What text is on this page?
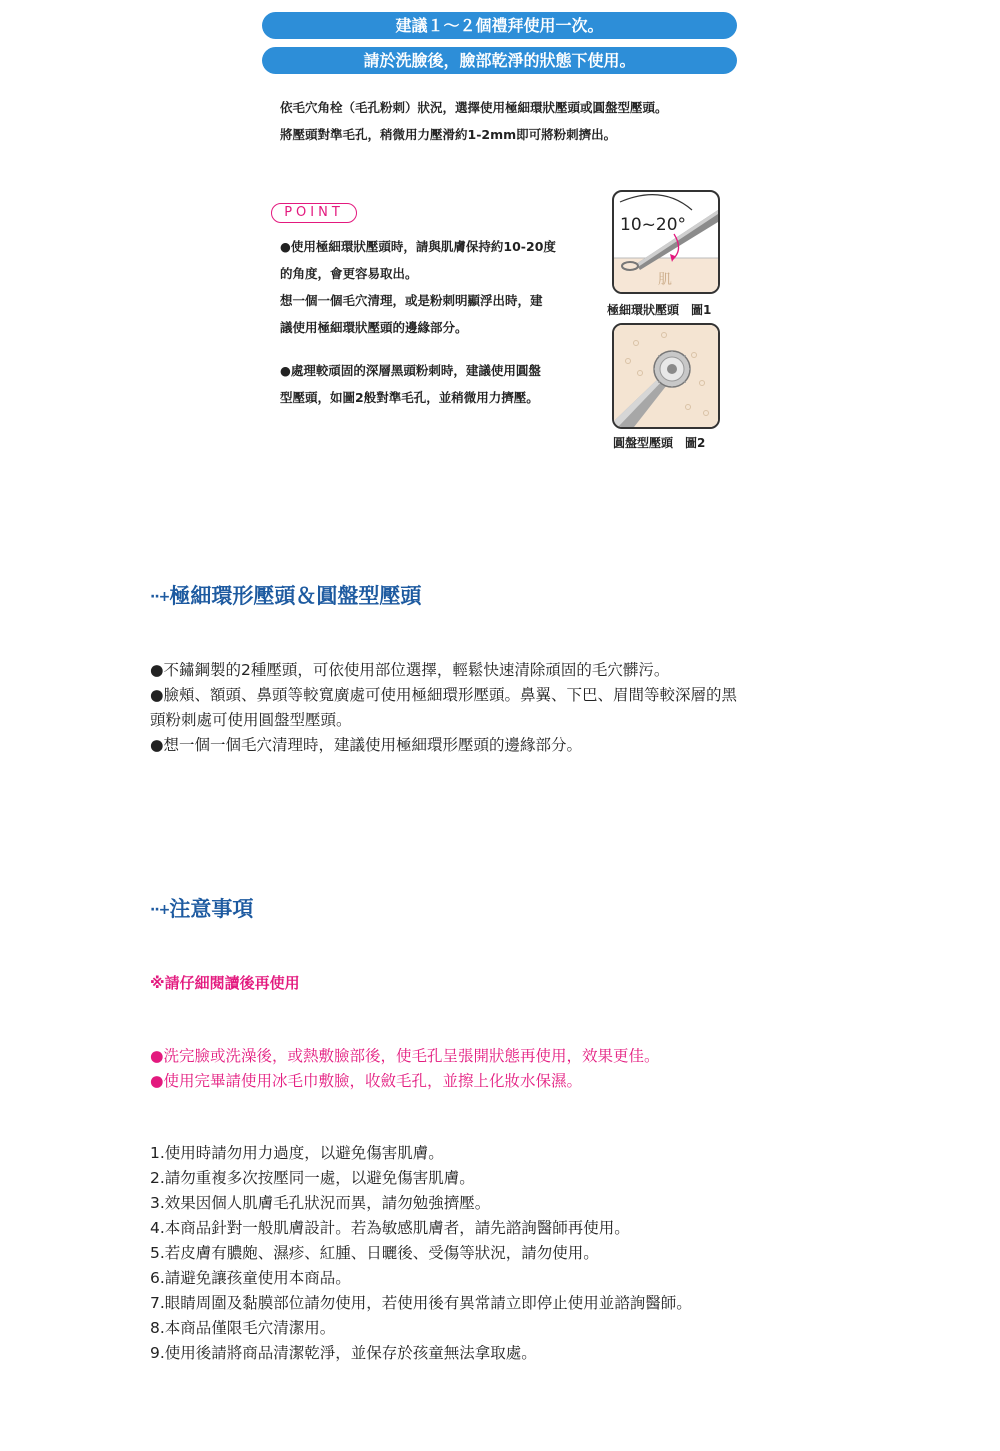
建議１～２個禮拜使用一次。
請於洗臉後，臉部乾淨的狀態下使用。
依毛穴角栓（毛孔粉刺）狀況，選擇使用極細環狀壓頭或圓盤型壓頭。
將壓頭對準毛孔，稍微用力壓滑約1-2mm即可將粉刺擠出。
POINT
●使用極細環狀壓頭時，請與肌膚保持約10-20度
的角度，會更容易取出。
想一個一個毛穴清理，或是粉刺明顯浮出時，建
議使用極細環狀壓頭的邊緣部分。
●處理較頑固的深層黑頭粉刺時，建議使用圓盤
型壓頭，如圖2般對準毛孔，並稍微用力擠壓。
10~20°
肌
極細環狀壓頭　圖1
圓盤型壓頭　圖2
··+極細環形壓頭＆圓盤型壓頭
●不鏽鋼製的2種壓頭，可依使用部位選擇，輕鬆快速清除頑固的毛穴髒污。
●臉頰、額頭、鼻頭等較寬廣處可使用極細環形壓頭。鼻翼、下巴、眉間等較深層的黑
頭粉刺處可使用圓盤型壓頭。
●想一個一個毛穴清理時，建議使用極細環形壓頭的邊緣部分。
··+注意事項
※請仔細閱讀後再使用
●洗完臉或洗澡後，或熱敷臉部後，使毛孔呈張開狀態再使用，效果更佳。
●使用完畢請使用冰毛巾敷臉，收斂毛孔，並擦上化妝水保濕。
1.使用時請勿用力過度，以避免傷害肌膚。
2.請勿重複多次按壓同一處，以避免傷害肌膚。
3.效果因個人肌膚毛孔狀況而異，請勿勉強擠壓。
4.本商品針對一般肌膚設計。若為敏感肌膚者，請先諮詢醫師再使用。
5.若皮膚有膿皰、濕疹、紅腫、日曬後、受傷等狀況，請勿使用。
6.請避免讓孩童使用本商品。
7.眼睛周圍及黏膜部位請勿使用，若使用後有異常請立即停止使用並諮詢醫師。
8.本商品僅限毛穴清潔用。
9.使用後請將商品清潔乾淨，並保存於孩童無法拿取處。
